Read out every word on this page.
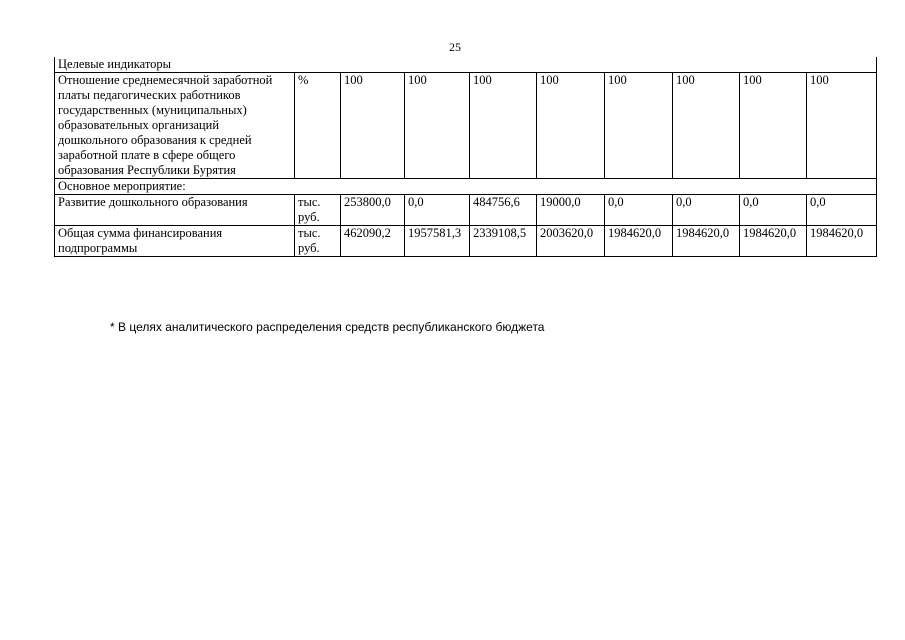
25
Целевые индикаторы									
Отношение среднемесячной заработной платы педагогических работников государственных (муниципальных) образовательных организаций дошкольного образования к средней заработной плате в сфере общего образования Республики Бурятия	%	100	100	100	100	100	100	100	100
Основное мероприятие:									
Развитие дошкольного образования	тыс. руб.	253800,0	0,0	484756,6	19000,0	0,0	0,0	0,0	0,0
Общая сумма финансирования подпрограммы	тыс. руб.	462090,2	1957581,3	2339108,5	2003620,0	1984620,0	1984620,0	1984620,0	1984620,0
* В целях аналитического распределения средств республиканского бюджета
